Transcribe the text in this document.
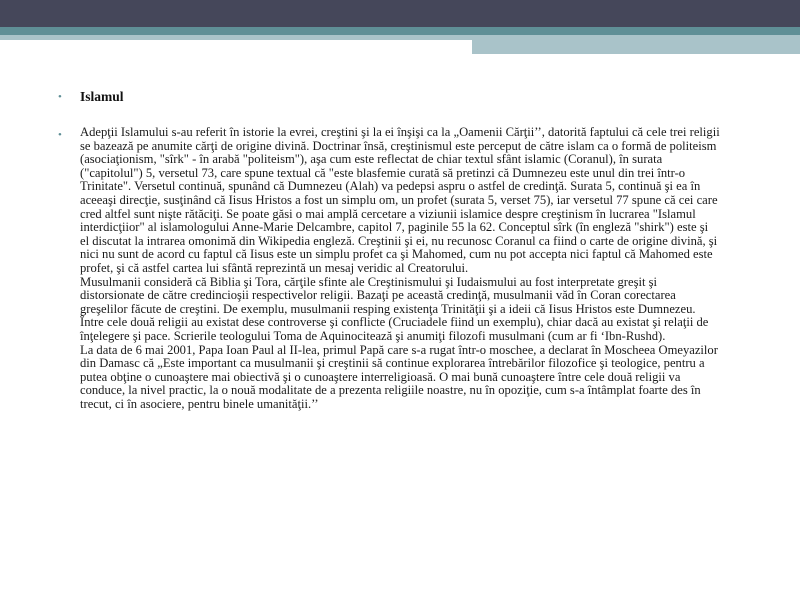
• Islamul
• Adepţii Islamului s-au referit în istorie la evrei, creştini şi la ei înşişi ca la „Oamenii Cărţii’’, datorită faptului că cele trei religii se bazează pe anumite cărţi de origine divină. Doctrinar însă, creştinismul este perceput de către islam ca o formă de politeism (asociaţionism, "sîrk" - în arabă "politeism"), aşa cum este reflectat de chiar textul sfânt islamic (Coranul), în surata ("capitolul") 5, versetul 73, care spune textual că "este blasfemie curată să pretinzi că Dumnezeu este unul din trei într-o Trinitate". Versetul continuă, spunând că Dumnezeu (Alah) va pedepsi aspru o astfel de credinţă. Surata 5, continuă şi ea în aceeaşi direcţie, susţinând că Iisus Hristos a fost un simplu om, un profet (surata 5, verset 75), iar versetul 77 spune că cei care cred altfel sunt nişte rătăciţi. Se poate găsi o mai amplă cercetare a viziunii islamice despre creştinism în lucrarea "Islamul interdicţiior" al islamologului Anne-Marie Delcambre, capitol 7, paginile 55 la 62. Conceptul sîrk (în engleză "shirk") este şi el discutat la intrarea omonimă din Wikipedia engleză. Creştinii şi ei, nu recunosc Coranul ca fiind o carte de origine divină, şi nici nu sunt de acord cu faptul că Iisus este un simplu profet ca şi Mahomed, cum nu pot accepta nici faptul că Mahomed este profet, şi că astfel cartea lui sfântă reprezintă un mesaj veridic al Creatorului.

Musulmanii consideră că Biblia şi Tora, cărţile sfinte ale Creştinismului şi Iudaismului au fost interpretate greşit şi distorsionate de către credincioşii respectivelor religii. Bazaţi pe această credinţă, musulmanii văd în Coran corectarea greşelilor făcute de creştini. De exemplu, musulmanii resping existenţa Trinităţii şi a ideii că Iisus Hristos este Dumnezeu.

Între cele două religii au existat dese controverse şi conflicte (Cruciadele fiind un exemplu), chiar dacă au existat şi relaţii de înţelegere şi pace. Scrierile teologului Toma de Aquinocitează şi anumiţi filozofi musulmani (cum ar fi ‘Ibn-Rushd).

La data de 6 mai 2001, Papa Ioan Paul al II-lea, primul Papă care s-a rugat într-o moschee, a declarat în Moscheea Omeyazilor din Damasc că „Este important ca musulmanii şi creştinii să continue explorarea întrebărilor filozofice şi teologice, pentru a putea obţine o cunoaştere mai obiectivă şi o cunoaştere interreligioasă. O mai bună cunoaştere între cele două religii va conduce, la nivel practic, la o nouă modalitate de a prezenta religiile noastre, nu în opoziţie, cum s-a întâmplat foarte des în trecut, ci în asociere, pentru binele umanităţii.’’
